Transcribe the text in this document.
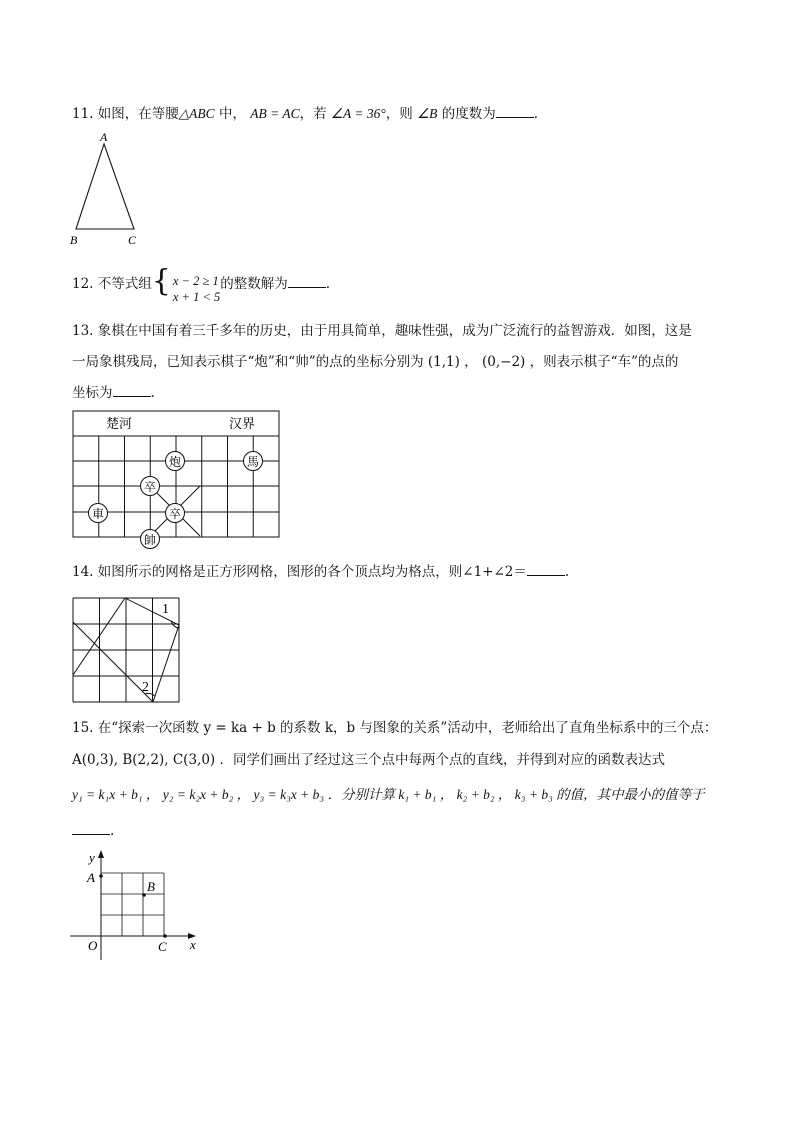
11. 如图，在等腰△ABC 中， AB = AC，若 ∠A = 36°，则 ∠B 的度数为	.
A
B	C
12. 不等式组{ x − 2 ≥ 1
x + 1 < 5
的整数解为	.
13. 象棋在中国有着三千多年的历史，由于用具简单，趣味性强，成为广泛流行的益智游戏．如图，这是
一局象棋残局，已知表示棋子“炮”和“帅”的点的坐标分别为 (1,1) ， (0,−2) ，则表示棋子“车”的点的
坐标为	.
楚河	汉界
炮	馬
卒
車	卒
帥
14. 如图所示的网格是正方形网格，图形的各个顶点均为格点，则∠1+∠2＝	.
1
2
15. 在“探索一次函数 y = ka + b 的系数 k，b 与图象的关系”活动中，老师给出了直角坐标系中的三个点：
A(0,3), B(2,2), C(3,0) ．同学们画出了经过这三个点中每两个点的直线，并得到对应的函数表达式
y₁ = k₁x + b₁ ， y₂ = k₂x + b₂ ， y₃ = k₃x + b₃ ．分别计算 k₁ + b₁ ， k₂ + b₂ ， k₃ + b₃ 的值，其中最小的值等于
.
y
x
O
A
B
C
